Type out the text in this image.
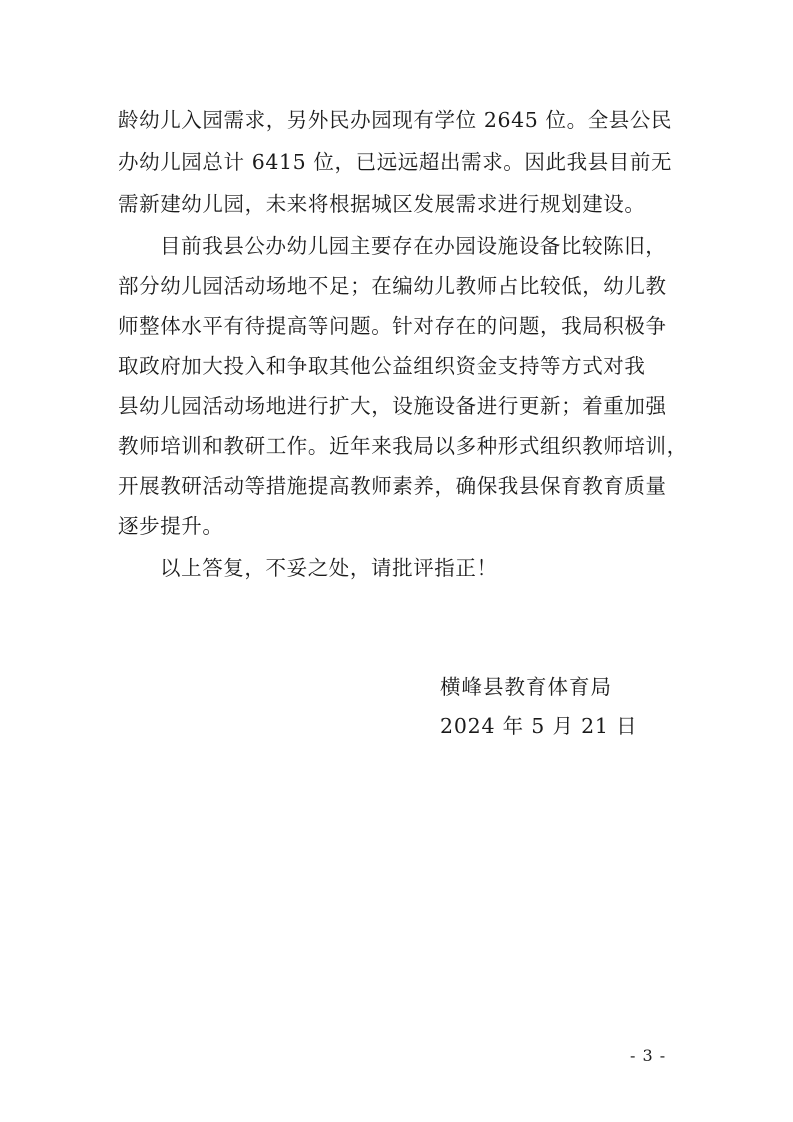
龄幼儿入园需求，另外民办园现有学位 2645 位。全县公民
办幼儿园总计 6415 位，已远远超出需求。因此我县目前无
需新建幼儿园，未来将根据城区发展需求进行规划建设。
目前我县公办幼儿园主要存在办园设施设备比较陈旧，
部分幼儿园活动场地不足；在编幼儿教师占比较低，幼儿教
师整体水平有待提高等问题。针对存在的问题，我局积极争
取政府加大投入和争取其他公益组织资金支持等方式对我
县幼儿园活动场地进行扩大，设施设备进行更新；着重加强
教师培训和教研工作。近年来我局以多种形式组织教师培训，
开展教研活动等措施提高教师素养，确保我县保育教育质量
逐步提升。
以上答复，不妥之处，请批评指正！
横峰县教育体育局
2024 年 5 月 21 日
- 3 -
